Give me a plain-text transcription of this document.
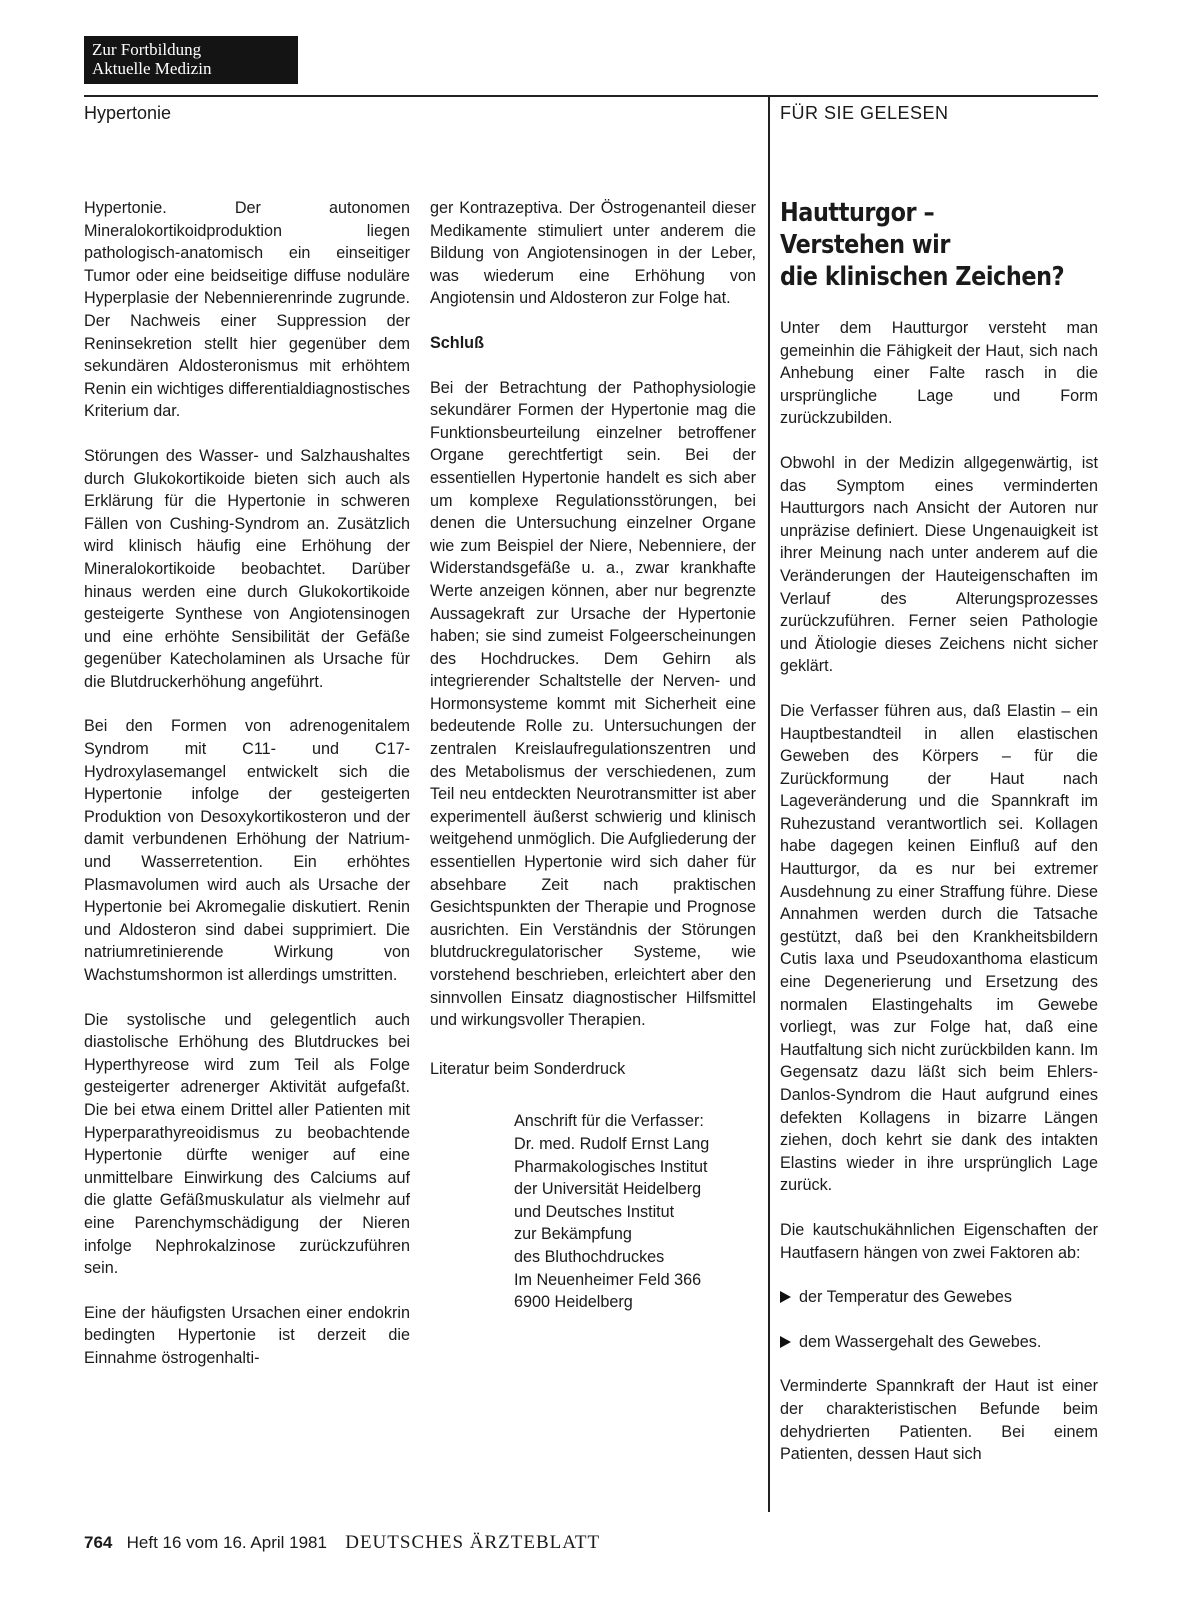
Zur Fortbildung
Aktuelle Medizin
Hypertonie	FÜR SIE GELESEN

Hypertonie. Der autonomen Mineralokortikoidproduktion liegen pathologisch-anatomisch ein einseitiger Tumor oder eine beidseitige diffuse noduläre Hyperplasie der Nebennierenrinde zugrunde. Der Nachweis einer Suppression der Reninsekretion stellt hier gegenüber dem sekundären Aldosteronismus mit erhöhtem Renin ein wichtiges differentialdiagnostisches Kriterium dar.

Störungen des Wasser- und Salzhaushaltes durch Glukokortikoide bieten sich auch als Erklärung für die Hypertonie in schweren Fällen von Cushing-Syndrom an. Zusätzlich wird klinisch häufig eine Erhöhung der Mineralokortikoide beobachtet. Darüber hinaus werden eine durch Glukokortikoide gesteigerte Synthese von Angiotensinogen und eine erhöhte Sensibilität der Gefäße gegenüber Katecholaminen als Ursache für die Blutdruckerhöhung angeführt.

Bei den Formen von adrenogenitalem Syndrom mit C11- und C17-Hydroxylasemangel entwickelt sich die Hypertonie infolge der gesteigerten Produktion von Desoxykortikosteron und der damit verbundenen Erhöhung der Natrium- und Wasserretention. Ein erhöhtes Plasmavolumen wird auch als Ursache der Hypertonie bei Akromegalie diskutiert. Renin und Aldosteron sind dabei supprimiert. Die natriumretinierende Wirkung von Wachstumshormon ist allerdings umstritten.

Die systolische und gelegentlich auch diastolische Erhöhung des Blutdruckes bei Hyperthyreose wird zum Teil als Folge gesteigerter adrenerger Aktivität aufgefaßt. Die bei etwa einem Drittel aller Patienten mit Hyperparathyreoidismus zu beobachtende Hypertonie dürfte weniger auf eine unmittelbare Einwirkung des Calciums auf die glatte Gefäßmuskulatur als vielmehr auf eine Parenchymschädigung der Nieren infolge Nephrokalzinose zurückzuführen sein.

Eine der häufigsten Ursachen einer endokrin bedingten Hypertonie ist derzeit die Einnahme östrogenhalti-

ger Kontrazeptiva. Der Östrogenanteil dieser Medikamente stimuliert unter anderem die Bildung von Angiotensinogen in der Leber, was wiederum eine Erhöhung von Angiotensin und Aldosteron zur Folge hat.

Schluß

Bei der Betrachtung der Pathophysiologie sekundärer Formen der Hypertonie mag die Funktionsbeurteilung einzelner betroffener Organe gerechtfertigt sein. Bei der essentiellen Hypertonie handelt es sich aber um komplexe Regulationsstörungen, bei denen die Untersuchung einzelner Organe wie zum Beispiel der Niere, Nebenniere, der Widerstandsgefäße u. a., zwar krankhafte Werte anzeigen können, aber nur begrenzte Aussagekraft zur Ursache der Hypertonie haben; sie sind zumeist Folgeerscheinungen des Hochdruckes. Dem Gehirn als integrierender Schaltstelle der Nerven- und Hormonsysteme kommt mit Sicherheit eine bedeutende Rolle zu. Untersuchungen der zentralen Kreislaufregulationszentren und des Metabolismus der verschiedenen, zum Teil neu entdeckten Neurotransmitter ist aber experimentell äußerst schwierig und klinisch weitgehend unmöglich. Die Aufgliederung der essentiellen Hypertonie wird sich daher für absehbare Zeit nach praktischen Gesichtspunkten der Therapie und Prognose ausrichten. Ein Verständnis der Störungen blutdruckregulatorischer Systeme, wie vorstehend beschrieben, erleichtert aber den sinnvollen Einsatz diagnostischer Hilfsmittel und wirkungsvoller Therapien.

Literatur beim Sonderdruck

Anschrift für die Verfasser:
Dr. med. Rudolf Ernst Lang
Pharmakologisches Institut
der Universität Heidelberg
und Deutsches Institut
zur Bekämpfung
des Bluthochdruckes
Im Neuenheimer Feld 366
6900 Heidelberg
Hautturgor –
Verstehen wir
die klinischen Zeichen?

Unter dem Hautturgor versteht man gemeinhin die Fähigkeit der Haut, sich nach Anhebung einer Falte rasch in die ursprüngliche Lage und Form zurückzubilden.

Obwohl in der Medizin allgegenwärtig, ist das Symptom eines verminderten Hautturgors nach Ansicht der Autoren nur unpräzise definiert. Diese Ungenauigkeit ist ihrer Meinung nach unter anderem auf die Veränderungen der Hauteigenschaften im Verlauf des Alterungsprozesses zurückzuführen. Ferner seien Pathologie und Ätiologie dieses Zeichens nicht sicher geklärt.

Die Verfasser führen aus, daß Elastin – ein Hauptbestandteil in allen elastischen Geweben des Körpers – für die Zurückformung der Haut nach Lageveränderung und die Spannkraft im Ruhezustand verantwortlich sei. Kollagen habe dagegen keinen Einfluß auf den Hautturgor, da es nur bei extremer Ausdehnung zu einer Straffung führe. Diese Annahmen werden durch die Tatsache gestützt, daß bei den Krankheitsbildern Cutis laxa und Pseudoxanthoma elasticum eine Degenerierung und Ersetzung des normalen Elastingehalts im Gewebe vorliegt, was zur Folge hat, daß eine Hautfaltung sich nicht zurückbilden kann. Im Gegensatz dazu läßt sich beim Ehlers-Danlos-Syndrom die Haut aufgrund eines defekten Kollagens in bizarre Längen ziehen, doch kehrt sie dank des intakten Elastins wieder in ihre ursprünglich Lage zurück.

Die kautschukähnlichen Eigenschaften der Hautfasern hängen von zwei Faktoren ab:

der Temperatur des Gewebes

dem Wassergehalt des Gewebes.

Verminderte Spannkraft der Haut ist einer der charakteristischen Befunde beim dehydrierten Patienten. Bei einem Patienten, dessen Haut sich

764 Heft 16 vom 16. April 1981 DEUTSCHES ÄRZTEBLATT
